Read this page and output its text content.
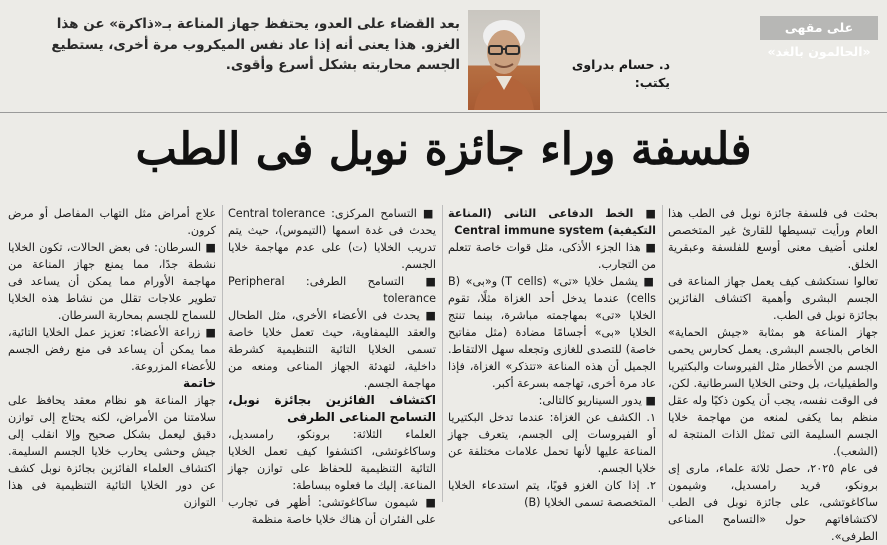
على مقهى «الحالمون بالغد»

بعد القضاء على العدو، يحتفظ جهاز المناعة بـ«ذاكرة» عن هذا الغزو. هذا يعنى أنه إذا عاد نفس الميكروب مرة أخرى، يستطيع الجسم محاربته بشكل أسرع وأقوى.	د. حسام بدراوى
يكتب:
فلسفة وراء جائزة نوبل فى الطب

بحثت فى فلسفة جائزة نوبل فى الطب هذا العام ورأيت تبسيطها للقارئ غير المتخصص لعلنى أضيف معنى أوسع للفلسفة وعبقرية الخلق.

تعالوا نستكشف كيف يعمل جهاز المناعة فى الجسم البشرى وأهمية اكتشاف الفائزين بجائزة نوبل فى الطب.

جهاز المناعة هو بمثابة «جيش الحماية» الخاص بالجسم البشرى. يعمل كحارس يحمى الجسم من الأخطار مثل الفيروسات والبكتيريا والطفيليات، بل وحتى الخلايا السرطانية. لكن، فى الوقت نفسه، يجب أن يكون ذكيًا وله عقل منظم بما يكفى لمنعه من مهاجمة خلايا الجسم السليمة التى تمثل الذات المنتجة له (الشعب).

فى عام ٢٠٢٥، حصل ثلاثة علماء، مارى إى برونكو، فريد رامسديل، وشيمون ساكاغوتشى، على جائزة نوبل فى الطب لاكتشافاتهم حول «التسامح المناعى الطرفى».

■ الخط الدفاعى الثانى (المناعة التكيفية) Central immune system

■ هذا الجزء الأذكى، مثل قوات خاصة تتعلم من التجارب.

■ يشمل خلايا «تى» (T cells) و«بى» (B cells) عندما يدخل أحد الغزاة مثلًا، تقوم الخلايا «تى» بمهاجمته مباشرة، بينما تنتج الخلايا «بى» أجسامًا مضادة (مثل مفاتيح خاصة) للتصدى للغازى وتجعله سهل الالتقاط. الجميل أن هذه المناعة «تتذكر» الغزاة، فإذا عاد مرة أخرى، تهاجمه بسرعة أكبر.

■ يدور السيناريو كالتالى:

١. الكشف عن الغزاة: عندما تدخل البكتيريا أو الفيروسات إلى الجسم، يتعرف جهاز المناعة عليها لأنها تحمل علامات مختلفة عن خلايا الجسم.

٢. إذا كان الغزو قويًا، يتم استدعاء الخلايا المتخصصة تسمى الخلايا (B)

■ التسامح المركزى: Central tolerance يحدث فى غدة اسمها (التيموس)، حيث يتم تدريب الخلايا (ت) على عدم مهاجمة خلايا الجسم.

■ التسامح الطرفى: Peripheral tolerance

■ يحدث فى الأعضاء الأخرى، مثل الطحال والعقد الليمفاوية، حيث تعمل خلايا خاصة تسمى الخلايا التائية التنظيمية كشرطة داخلية، لتهدئة الجهاز المناعى ومنعه من مهاجمة الجسم.

اكتشاف الفائزين بجائزة نوبل، التسامح المناعى الطرفى

العلماء الثلاثة: برونكو، رامسديل، وساكاغوتشى، اكتشفوا كيف تعمل الخلايا التائية التنظيمية للحفاظ على توازن جهاز المناعة. إليك ما فعلوه ببساطة:

■ شيمون ساكاغوتشى: أظهر فى تجارب على الفئران أن هناك خلايا خاصة منظمة

علاج أمراض مثل التهاب المفاصل أو مرض كرون.

■ السرطان: فى بعض الحالات، تكون الخلايا نشطة جدًا، مما يمنع جهاز المناعة من مهاجمة الأورام مما يمكن أن يساعد فى تطوير علاجات تقلل من نشاط هذه الخلايا للسماح للجسم بمحاربة السرطان.

■ زراعة الأعضاء: تعزيز عمل الخلايا التائية، مما يمكن أن يساعد فى منع رفض الجسم للأعضاء المزروعة.

خاتمة

جهاز المناعة هو نظام معقد يحافظ على سلامتنا من الأمراض، لكنه يحتاج إلى توازن دقيق ليعمل بشكل صحيح وإلا انقلب إلى جيش وحشى يحارب خلايا الجسم السليمة. اكتشاف العلماء الفائزين بجائزة نوبل كشف عن دور الخلايا التائية التنظيمية فى هذا التوازن
